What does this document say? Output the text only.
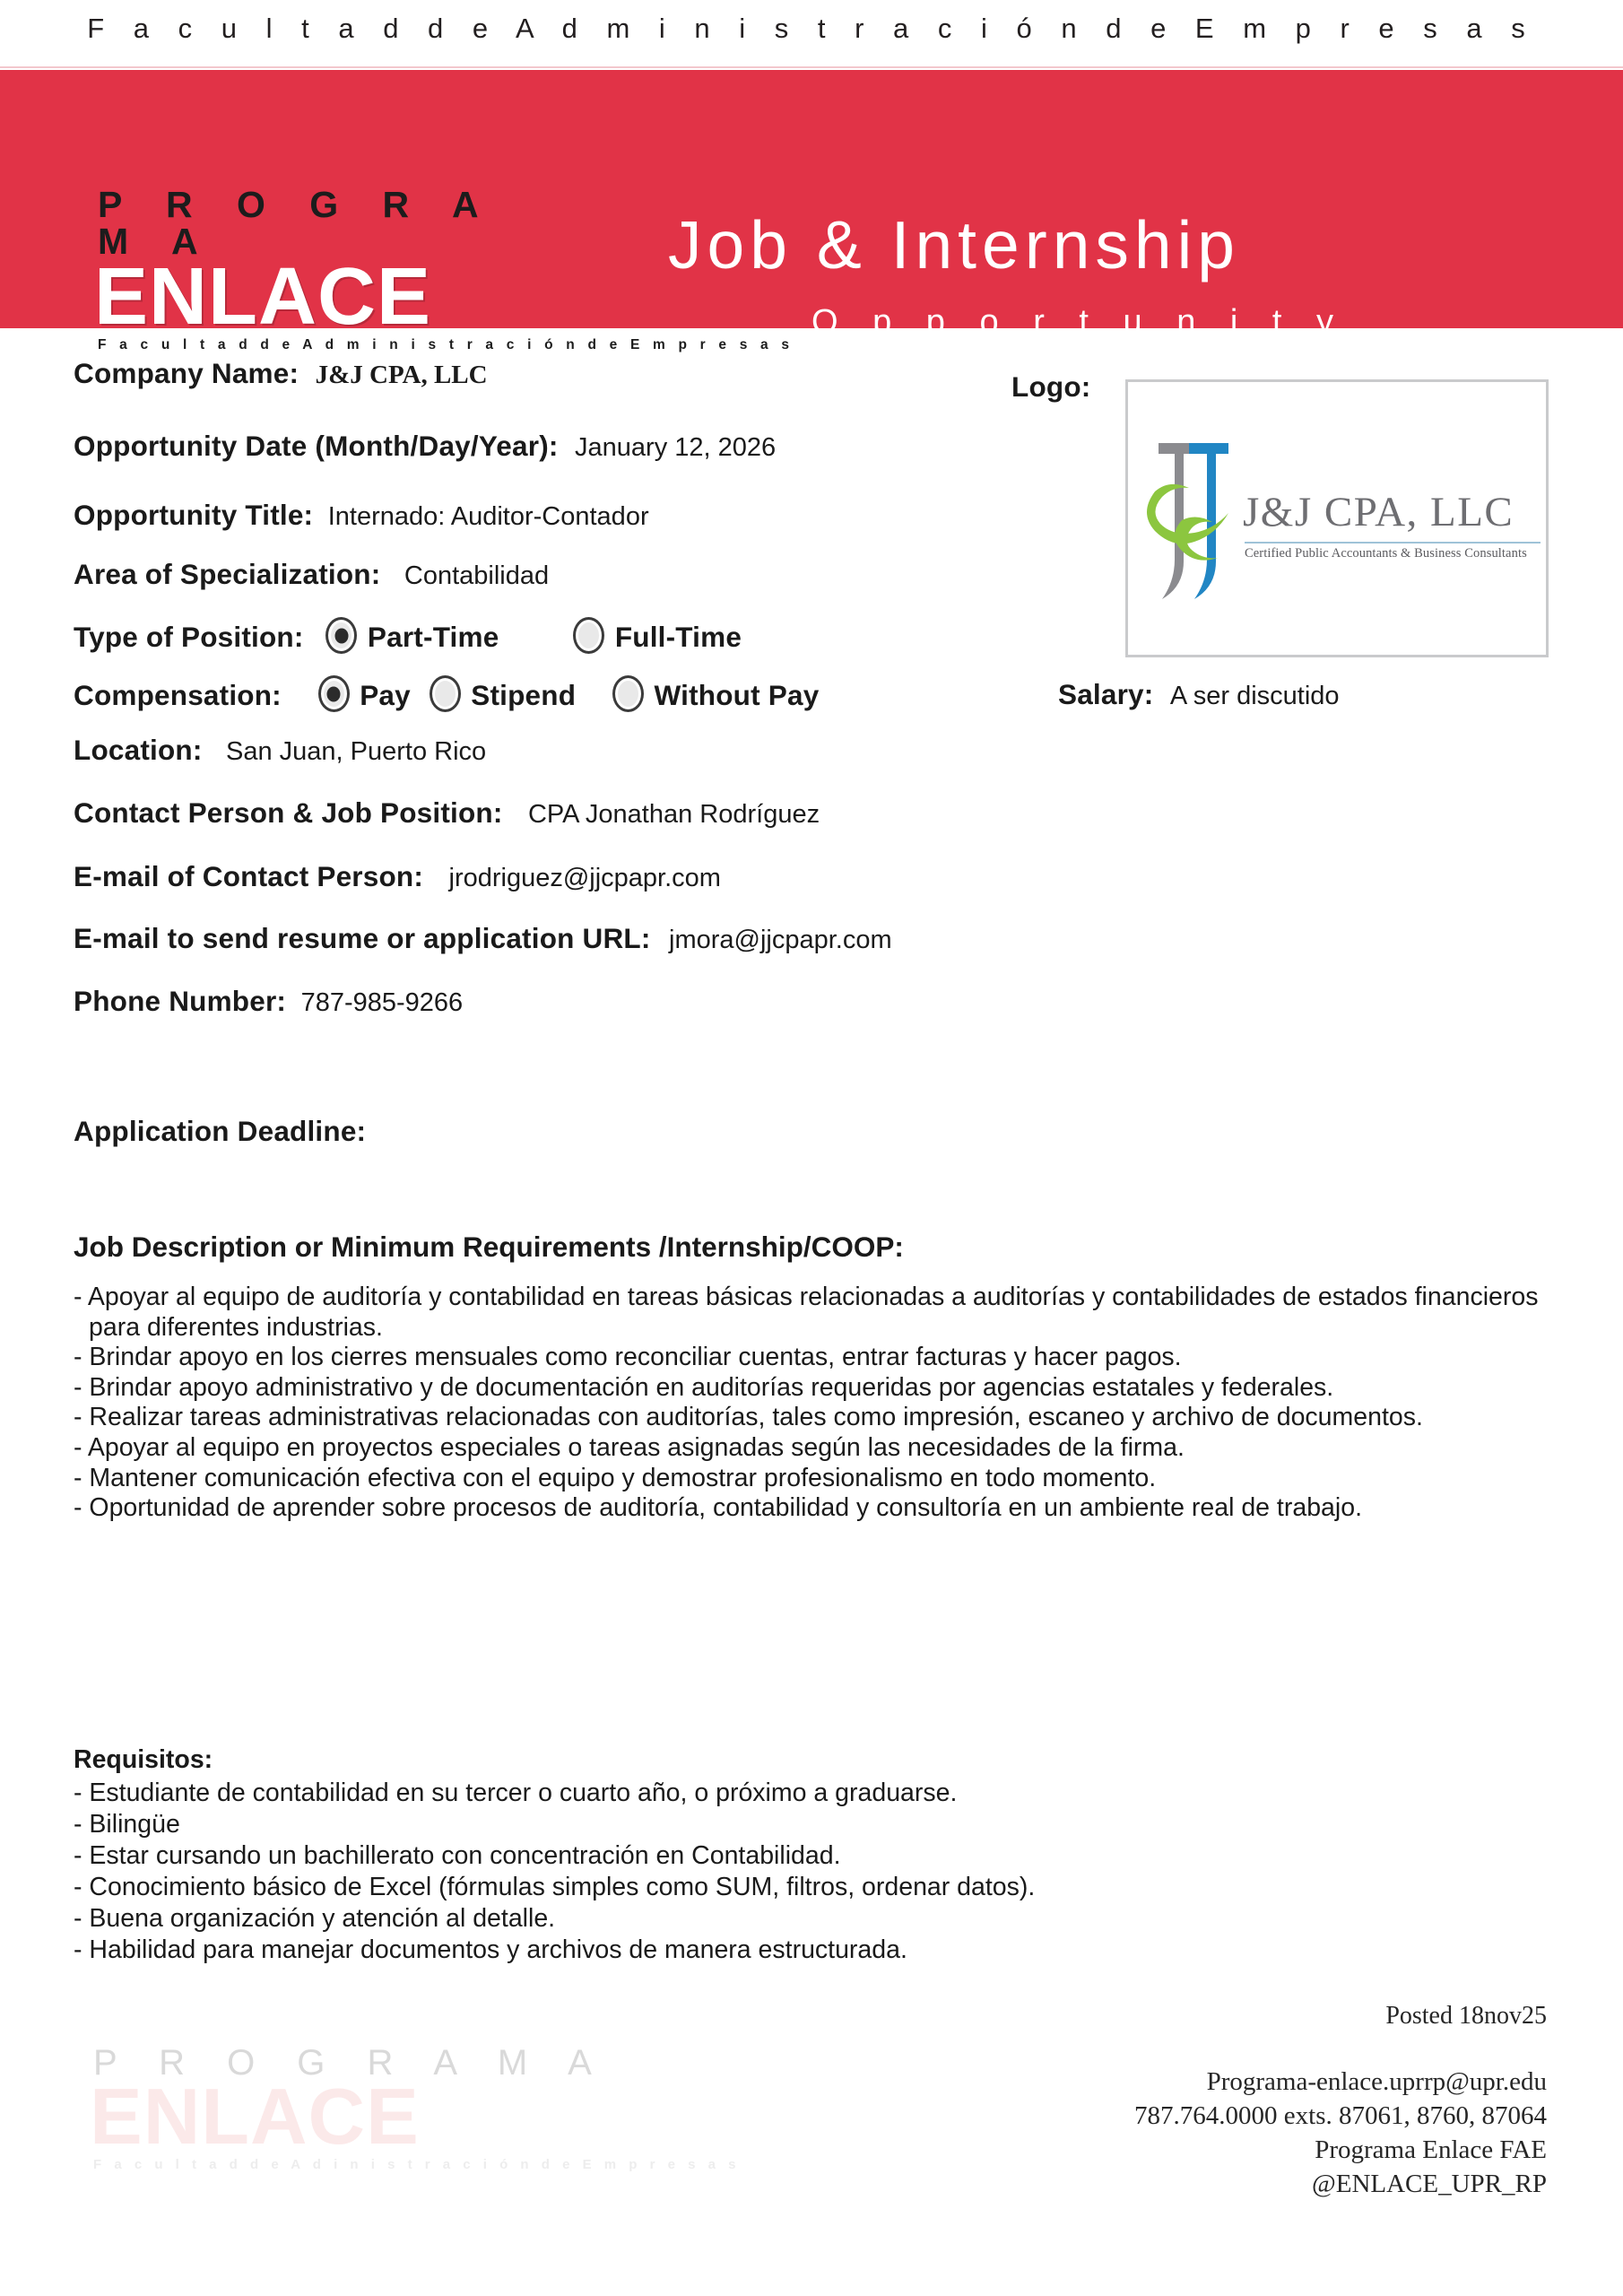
F a c u l t a d d e A d m i n i s t r a c i ó n d e E m p r e s a s
P R O G R A M A
ENLACE
F a c u l t a d d e A d m i n i s t r a c i ó n d e E m p r e s a s
Job & Internship
O p p o r t u n i t y
Company Name: J&J CPA, LLC
Opportunity Date (Month/Day/Year): January 12, 2026
Opportunity Title: Internado: Auditor-Contador
Area of Specialization: Contabilidad
Type of Position: Part-Time	Full-Time
Compensation:	Pay Stipend	Without Pay	Salary: A ser discutido
Location: San Juan, Puerto Rico
Contact Person & Job Position: CPA Jonathan Rodríguez
E-mail of Contact Person: jrodriguez@jjcpapr.com
E-mail to send resume or application URL: jmora@jjcpapr.com
Phone Number: 787-985-9266
Application Deadline:
Logo:
J&J CPA, LLC
Certified Public Accountants & Business Consultants
Job Description or Minimum Requirements /Internship/COOP:

- Apoyar al equipo de auditoría y contabilidad en tareas básicas relacionadas a auditorías y contabilidades de estados financieros para diferentes industrias.

- Brindar apoyo en los cierres mensuales como reconciliar cuentas, entrar facturas y hacer pagos.

- Brindar apoyo administrativo y de documentación en auditorías requeridas por agencias estatales y federales.

- Realizar tareas administrativas relacionadas con auditorías, tales como impresión, escaneo y archivo de documentos.

- Apoyar al equipo en proyectos especiales o tareas asignadas según las necesidades de la firma.

- Mantener comunicación efectiva con el equipo y demostrar profesionalismo en todo momento.

- Oportunidad de aprender sobre procesos de auditoría, contabilidad y consultoría en un ambiente real de trabajo.

Requisitos:

- Estudiante de contabilidad en su tercer o cuarto año, o próximo a graduarse.

- Bilingüe

- Estar cursando un bachillerato con concentración en Contabilidad.

- Conocimiento básico de Excel (fórmulas simples como SUM, filtros, ordenar datos).

- Buena organización y atención al detalle.

- Habilidad para manejar documentos y archivos de manera estructurada.

P R O G R A M A
ENLACE
F a c u l t a d d e A d i n i s t r a c i ó n d e E m p r e s a s
Posted 18nov25
Programa-enlace.uprrp@upr.edu
787.764.0000 exts. 87061, 8760, 87064
Programa Enlace FAE
@ENLACE_UPR_RP
